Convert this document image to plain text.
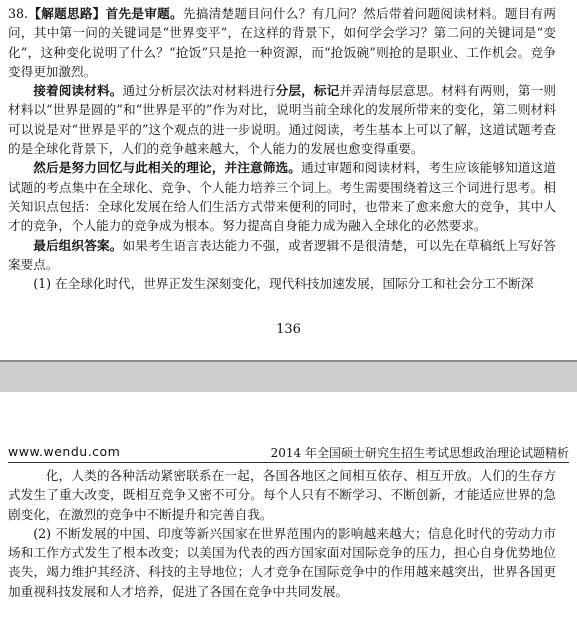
38.【解题思路】首先是审题。先搞清楚题目问什么？有几问？然后带着问题阅读材料。题目有两问，其中第一问的关键词是“世界变平”，在这样的背景下，如何学会学习？第二问的关键词是“变化”，这种变化说明了什么？“抢饭”只是抢一种资源，而“抢饭碗”则抢的是职业、工作机会。竞争变得更加激烈。

接着阅读材料。通过分析层次法对材料进行分层，标记并弄清每层意思。材料有两则，第一则材料以“世界是圆的”和“世界是平的”作为对比，说明当前全球化的发展所带来的变化，第二则材料可以说是对“世界是平的”这个观点的进一步说明。通过阅读，考生基本上可以了解，这道试题考查的是全球化背景下，人们的竞争越来越大，个人能力的发展也愈变得重要。

然后是努力回忆与此相关的理论，并注意筛选。通过审题和阅读材料，考生应该能够知道这道试题的考点集中在全球化、竞争、个人能力培养三个词上。考生需要围绕着这三个词进行思考。相关知识点包括：全球化发展在给人们生活方式带来便利的同时，也带来了愈来愈大的竞争，其中人才的竞争，个人能力的竞争成为根本。努力提高自身能力成为融入全球化的必然要求。

最后组织答案。如果考生语言表达能力不强，或者逻辑不是很清楚，可以先在草稿纸上写好答案要点。

(1) 在全球化时代，世界正发生深刻变化，现代科技加速发展，国际分工和社会分工不断深

136
www.wendu.com	2014 年全国硕士研究生招生考试思想政治理论试题精析

化，人类的各种活动紧密联系在一起，各国各地区之间相互依存、相互开放。人们的生存方式发生了重大改变，既相互竞争又密不可分。每个人只有不断学习、不断创新，才能适应世界的急剧变化，在激烈的竞争中不断提升和完善自我。

(2) 不断发展的中国、印度等新兴国家在世界范围内的影响越来越大；信息化时代的劳动力市场和工作方式发生了根本改变；以美国为代表的西方国家面对国际竞争的压力，担心自身优势地位丧失，竭力维护其经济、科技的主导地位；人才竞争在国际竞争中的作用越来越突出，世界各国更加重视科技发展和人才培养，促进了各国在竞争中共同发展。
